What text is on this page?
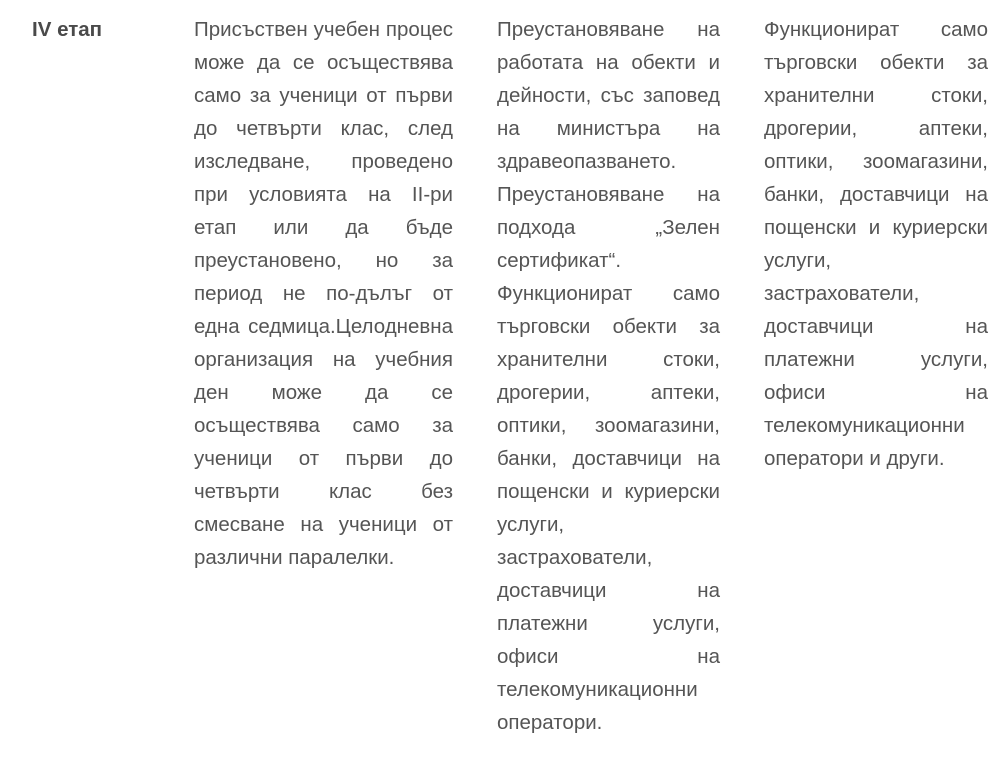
IV етап	Присъствен учебен процес може да се осъществява само за ученици от първи до четвърти клас, след изследване, проведено при условията на II-ри етап или да бъде преустановено, но за период не по-дълъг от една седмица.Целодневна организация на учебния ден може да се осъществява само за ученици от първи до четвърти клас без смесване на ученици от различни паралелки.

Преустановяване на работата на обекти и дейности, със заповед на министъра на здравеопазването.

Преустановяване на подхода „Зелен сертификат“.

Функционират само търговски обекти за хранителни стоки, дрогерии, аптеки, оптики, зоомагазини, банки, доставчици на пощенски и куриерски услуги, застрахователи, доставчици на платежни услуги, офиси на телекомуникационни оператори.

Функционират само търговски обекти за хранителни стоки, дрогерии, аптеки, оптики, зоомагазини, банки, доставчици на пощенски и куриерски услуги, застрахователи, доставчици на платежни услуги, офиси на телекомуникационни оператори и други.
